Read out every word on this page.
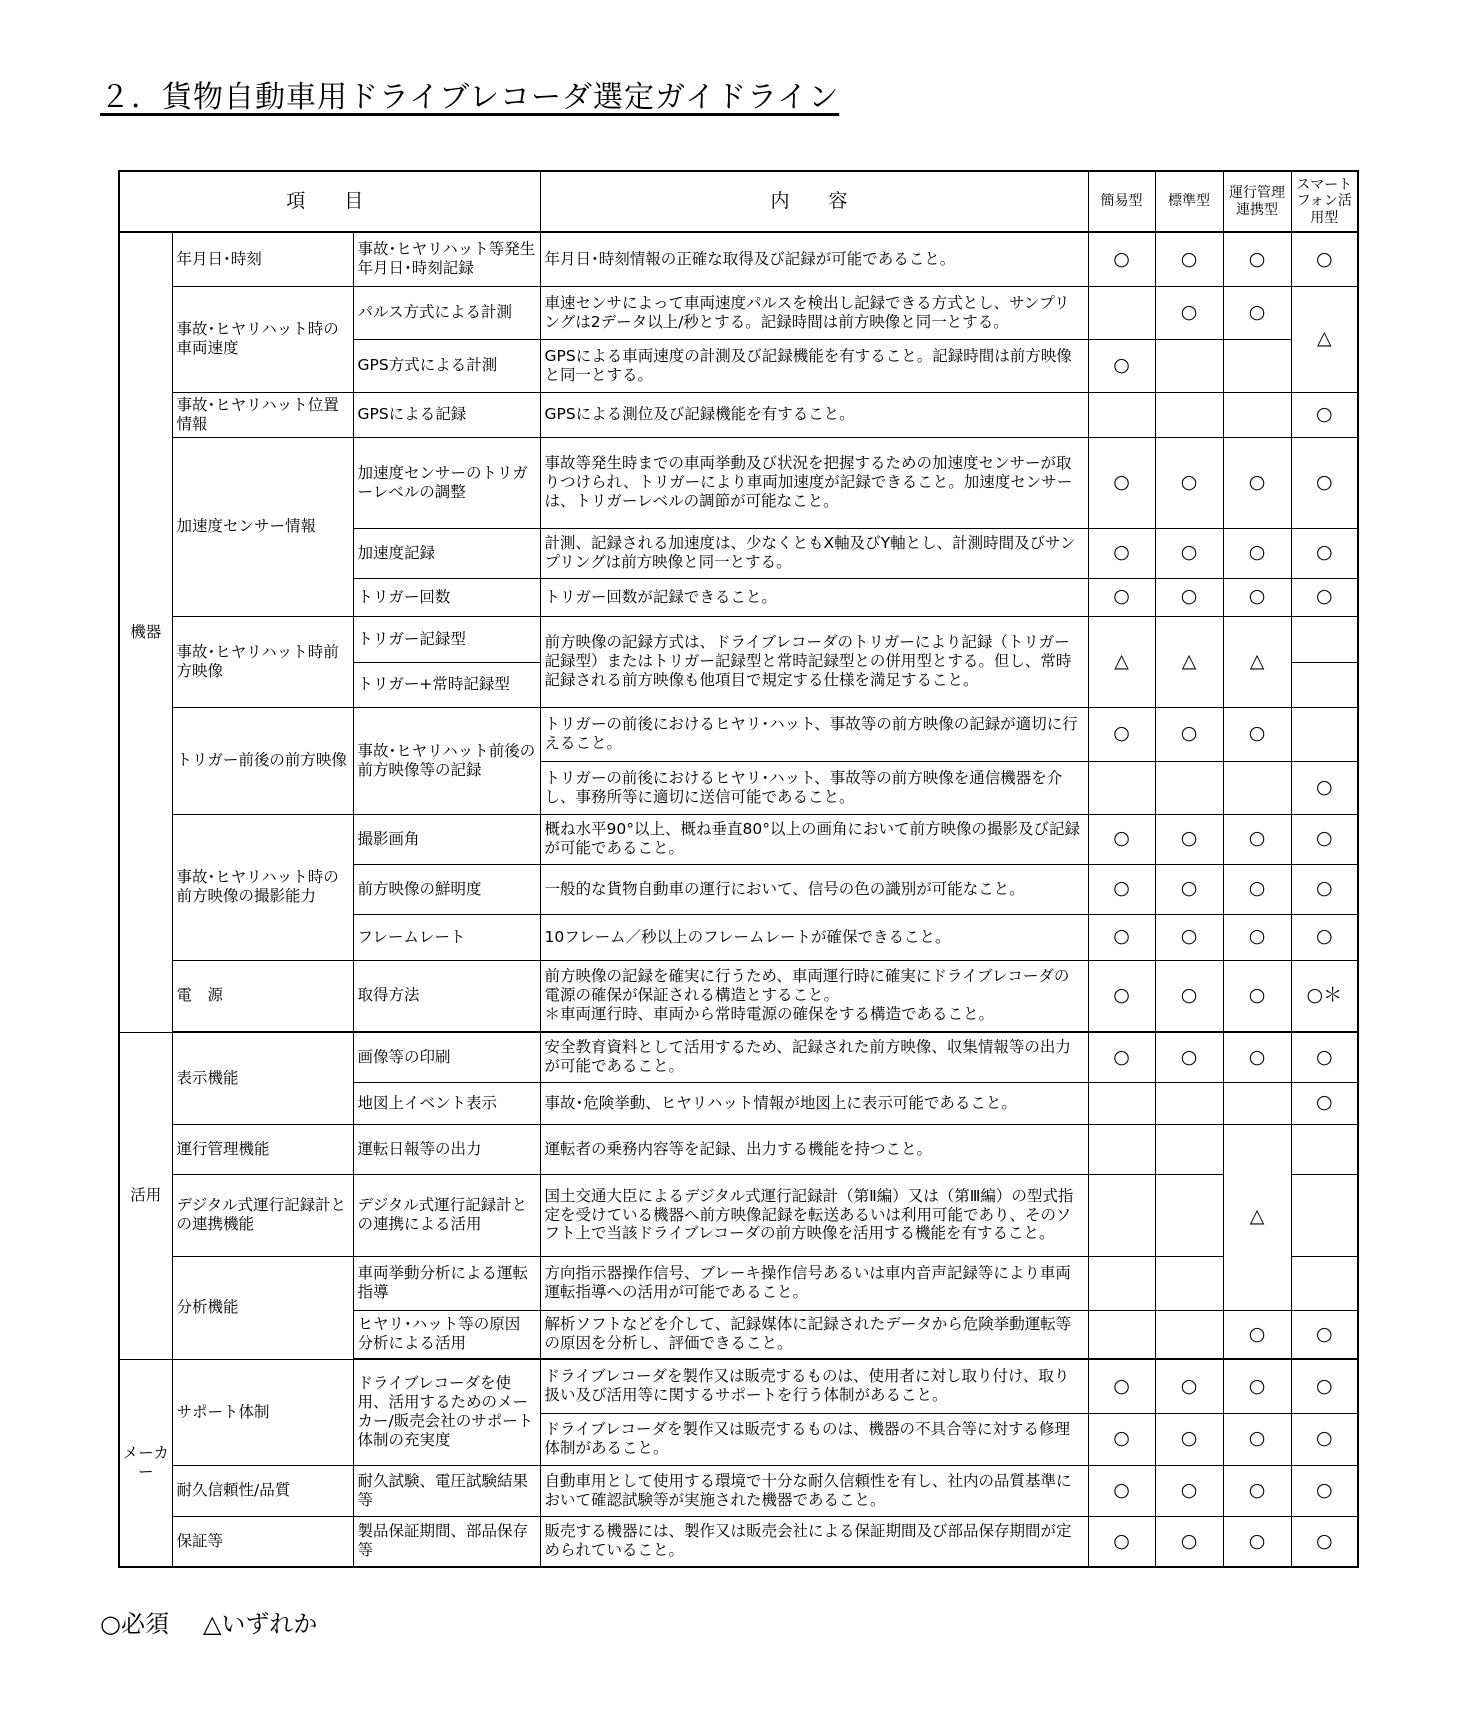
２．貨物自動車用ドライブレコーダ選定ガイドライン
項　目			内　容	簡易型	標準型	運行管理連携型	スマートフォン活用型
機器	年月日･時刻	事故･ヒヤリハット等発生年月日･時刻記録	年月日･時刻情報の正確な取得及び記録が可能であること。	○	○	○	○
	事故･ヒヤリハット時の車両速度	パルス方式による計測	車速センサによって車両速度パルスを検出し記録できる方式とし、サンプリングは2データ以上/秒とする。記録時間は前方映像と同一とする。		○	○	△
		GPS方式による計測	GPSによる車両速度の計測及び記録機能を有すること。記録時間は前方映像と同一とする。	○			
	事故･ヒヤリハット位置情報	GPSによる記録	GPSによる測位及び記録機能を有すること。				○
	加速度センサー情報	加速度センサーのトリガーレベルの調整	事故等発生時までの車両挙動及び状況を把握するための加速度センサーが取りつけられ、トリガーにより車両加速度が記録できること。加速度センサーは、トリガーレベルの調節が可能なこと。	○	○	○	○
		加速度記録	計測、記録される加速度は、少なくともX軸及びY軸とし、計測時間及びサンプリングは前方映像と同一とする。	○	○	○	○
		トリガー回数	トリガー回数が記録できること。	○	○	○	○
	事故･ヒヤリハット時前方映像	トリガー記録型	前方映像の記録方式は、ドライブレコーダのトリガーにより記録（トリガー記録型）またはトリガー記録型と常時記録型との併用型とする。但し、常時記録される前方映像も他項目で規定する仕様を満足すること。	△	△	△	
		トリガー+常時記録型					
	トリガー前後の前方映像	事故･ヒヤリハット前後の前方映像等の記録	トリガーの前後におけるヒヤリ･ハット、事故等の前方映像の記録が適切に行えること。	○	○	○	
			トリガーの前後におけるヒヤリ･ハット、事故等の前方映像を通信機器を介し、事務所等に適切に送信可能であること。				○
	事故･ヒヤリハット時の前方映像の撮影能力	撮影画角	概ね水平90°以上、概ね垂直80°以上の画角において前方映像の撮影及び記録が可能であること。	○	○	○	○
		前方映像の鮮明度	一般的な貨物自動車の運行において、信号の色の識別が可能なこと。	○	○	○	○
		フレームレート	10フレーム／秒以上のフレームレートが確保できること。	○	○	○	○
	電　源	取得方法	前方映像の記録を確実に行うため、車両運行時に確実にドライブレコーダの電源の確保が保証される構造とすること。
＊車両運行時、車両から常時電源の確保をする構造であること。	○	○	○	○＊
活用	表示機能	画像等の印刷	安全教育資料として活用するため、記録された前方映像、収集情報等の出力が可能であること。	○	○	○	○
		地図上イベント表示	事故･危険挙動、ヒヤリハット情報が地図上に表示可能であること。				○
	運行管理機能	運転日報等の出力	運転者の乗務内容等を記録、出力する機能を持つこと。			△	
	デジタル式運行記録計との連携機能	デジタル式運行記録計との連携による活用	国土交通大臣によるデジタル式運行記録計（第Ⅱ編）又は（第Ⅲ編）の型式指定を受けている機器へ前方映像記録を転送あるいは利用可能であり、そのソフト上で当該ドライブレコーダの前方映像を活用する機能を有すること。				
	分析機能	車両挙動分析による運転指導	方向指示器操作信号、ブレーキ操作信号あるいは車内音声記録等により車両運転指導への活用が可能であること。				
		ヒヤリ･ハット等の原因分析による活用	解析ソフトなどを介して、記録媒体に記録されたデータから危険挙動運転等の原因を分析し、評価できること。			○	○
メーカー	サポート体制	ドライブレコーダを使用、活用するためのメーカー/販売会社のサポート体制の充実度	ドライブレコーダを製作又は販売するものは、使用者に対し取り付け、取り扱い及び活用等に関するサポートを行う体制があること。	○	○	○	○
			ドライブレコーダを製作又は販売するものは、機器の不具合等に対する修理体制があること。	○	○	○	○
	耐久信頼性/品質	耐久試験、電圧試験結果等	自動車用として使用する環境で十分な耐久信頼性を有し、社内の品質基準において確認試験等が実施された機器であること。	○	○	○	○
	保証等	製品保証期間、部品保存等	販売する機器には、製作又は販売会社による保証期間及び部品保存期間が定められていること。	○	○	○	○
○必須 △いずれか
